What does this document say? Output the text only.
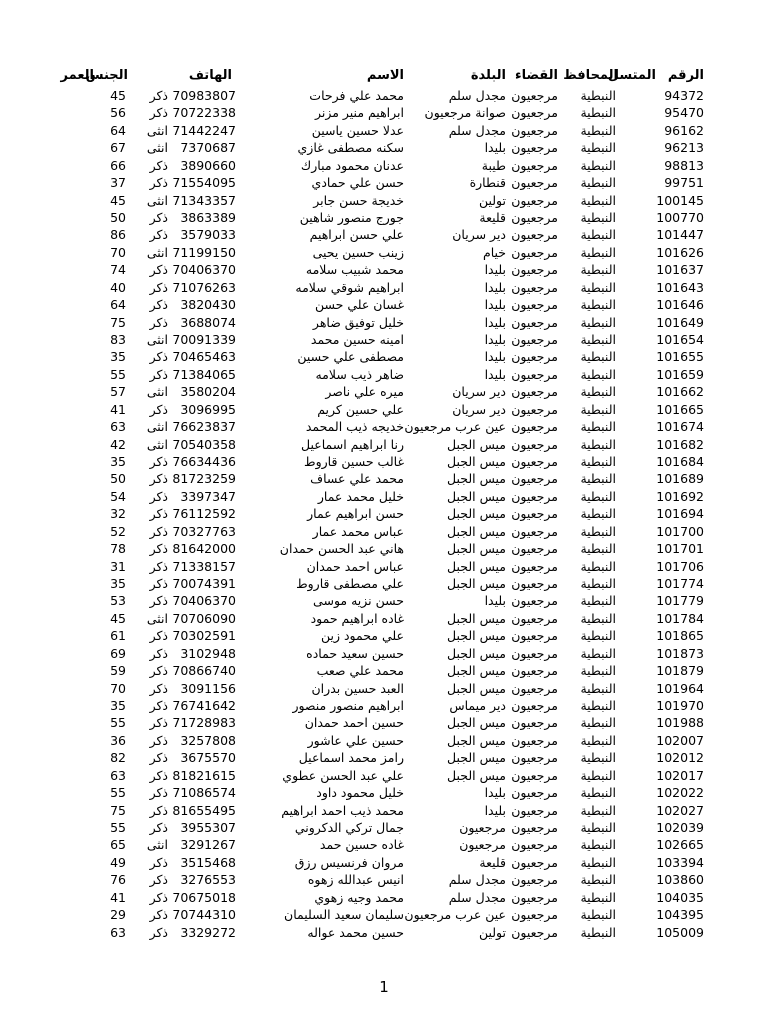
الرقم
المتسل
المحافظ
القضاء
البلدة
الاسم
الهاتف
الجنس
العمر
94372
النبطية
مرجعيون
مجدل سلم
محمد علي فرحات
70983807
ذكر
45
95470
النبطية
مرجعيون
صوانة مرجعيون
ابراهيم منير مزنر
70722338
ذكر
56
96162
النبطية
مرجعيون
مجدل سلم
عدلا حسين ياسين
71442247
انثى
64
96213
النبطية
مرجعيون
بليدا
سكنه مصطفى غازي
7370687
انثى
67
98813
النبطية
مرجعيون
طيبة
عدنان محمود مبارك
3890660
ذكر
66
99751
النبطية
مرجعيون
قنطارة
حسن علي حمادي
71554095
ذكر
37
100145
النبطية
مرجعيون
تولين
خديجة حسن جابر
71343357
انثى
45
100770
النبطية
مرجعيون
قليعة
جورج منصور شاهين
3863389
ذكر
50
101447
النبطية
مرجعيون
دير سريان
علي حسن ابراهيم
3579033
ذكر
86
101626
النبطية
مرجعيون
خيام
زينب حسين يحيى
71199150
انثى
70
101637
النبطية
مرجعيون
بليدا
محمد شبيب سلامه
70406370
ذكر
74
101643
النبطية
مرجعيون
بليدا
ابراهيم شوقي سلامه
71076263
ذكر
40
101646
النبطية
مرجعيون
بليدا
غسان علي حسن
3820430
ذكر
64
101649
النبطية
مرجعيون
بليدا
خليل توفيق ضاهر
3688074
ذكر
75
101654
النبطية
مرجعيون
بليدا
امينه حسين محمد
70091339
انثى
83
101655
النبطية
مرجعيون
بليدا
مصطفى علي حسين
70465463
ذكر
35
101659
النبطية
مرجعيون
بليدا
ضاهر ذيب سلامه
71384065
ذكر
55
101662
النبطية
مرجعيون
دير سريان
ميره علي ناصر
3580204
انثى
57
101665
النبطية
مرجعيون
دير سريان
علي حسين كريم
3096995
ذكر
41
101674
النبطية
مرجعيون
عين عرب مرجعيون
خديجه ذيب المحمد
76623837
انثى
63
101682
النبطية
مرجعيون
ميس الجبل
رنا ابراهيم اسماعيل
70540358
انثى
42
101684
النبطية
مرجعيون
ميس الجبل
غالب حسين قاروط
76634436
ذكر
35
101689
النبطية
مرجعيون
ميس الجبل
محمد علي عساف
81723259
ذكر
50
101692
النبطية
مرجعيون
ميس الجبل
خليل محمد عمار
3397347
ذكر
54
101694
النبطية
مرجعيون
ميس الجبل
حسن ابراهيم عمار
76112592
ذكر
32
101700
النبطية
مرجعيون
ميس الجبل
عباس محمد عمار
70327763
ذكر
52
101701
النبطية
مرجعيون
ميس الجبل
هاني عبد الحسن حمدان
81642000
ذكر
78
101706
النبطية
مرجعيون
ميس الجبل
عباس احمد حمدان
71338157
ذكر
31
101774
النبطية
مرجعيون
ميس الجبل
علي مصطفى قاروط
70074391
ذكر
35
101779
النبطية
مرجعيون
بليدا
حسن نزيه موسى
70406370
ذكر
53
101784
النبطية
مرجعيون
ميس الجبل
غاده ابراهيم حمود
70706090
انثى
45
101865
النبطية
مرجعيون
ميس الجبل
علي محمود زين
70302591
ذكر
61
101873
النبطية
مرجعيون
ميس الجبل
حسين سعيد حماده
3102948
ذكر
69
101879
النبطية
مرجعيون
ميس الجبل
محمد علي صعب
70866740
ذكر
59
101964
النبطية
مرجعيون
ميس الجبل
العبد حسين بدران
3091156
ذكر
70
101970
النبطية
مرجعيون
دير ميماس
ابراهيم منصور منصور
76741642
ذكر
35
101988
النبطية
مرجعيون
ميس الجبل
حسين احمد حمدان
71728983
ذكر
55
102007
النبطية
مرجعيون
ميس الجبل
حسين علي عاشور
3257808
ذكر
36
102012
النبطية
مرجعيون
ميس الجبل
رامز محمد اسماعيل
3675570
ذكر
82
102017
النبطية
مرجعيون
ميس الجبل
علي عبد الحسن عطوي
81821615
ذكر
63
102022
النبطية
مرجعيون
بليدا
خليل محمود داود
71086574
ذكر
55
102027
النبطية
مرجعيون
بليدا
محمد ذيب احمد ابراهيم
81655495
ذكر
75
102039
النبطية
مرجعيون
مرجعيون
جمال تركي الدكروني
3955307
ذكر
55
102665
النبطية
مرجعيون
مرجعيون
غاده حسين حمد
3291267
انثى
65
103394
النبطية
مرجعيون
قليعة
مروان فرنسيس رزق
3515468
ذكر
49
103860
النبطية
مرجعيون
مجدل سلم
انيس عبدالله زهوه
3276553
ذكر
76
104035
النبطية
مرجعيون
مجدل سلم
محمد وجيه زهوي
70675018
ذكر
41
104395
النبطية
مرجعيون
عين عرب مرجعيون
سليمان سعيد السليمان
70744310
ذكر
29
105009
النبطية
مرجعيون
تولين
حسين محمد عواله
3329272
ذكر
63
1
